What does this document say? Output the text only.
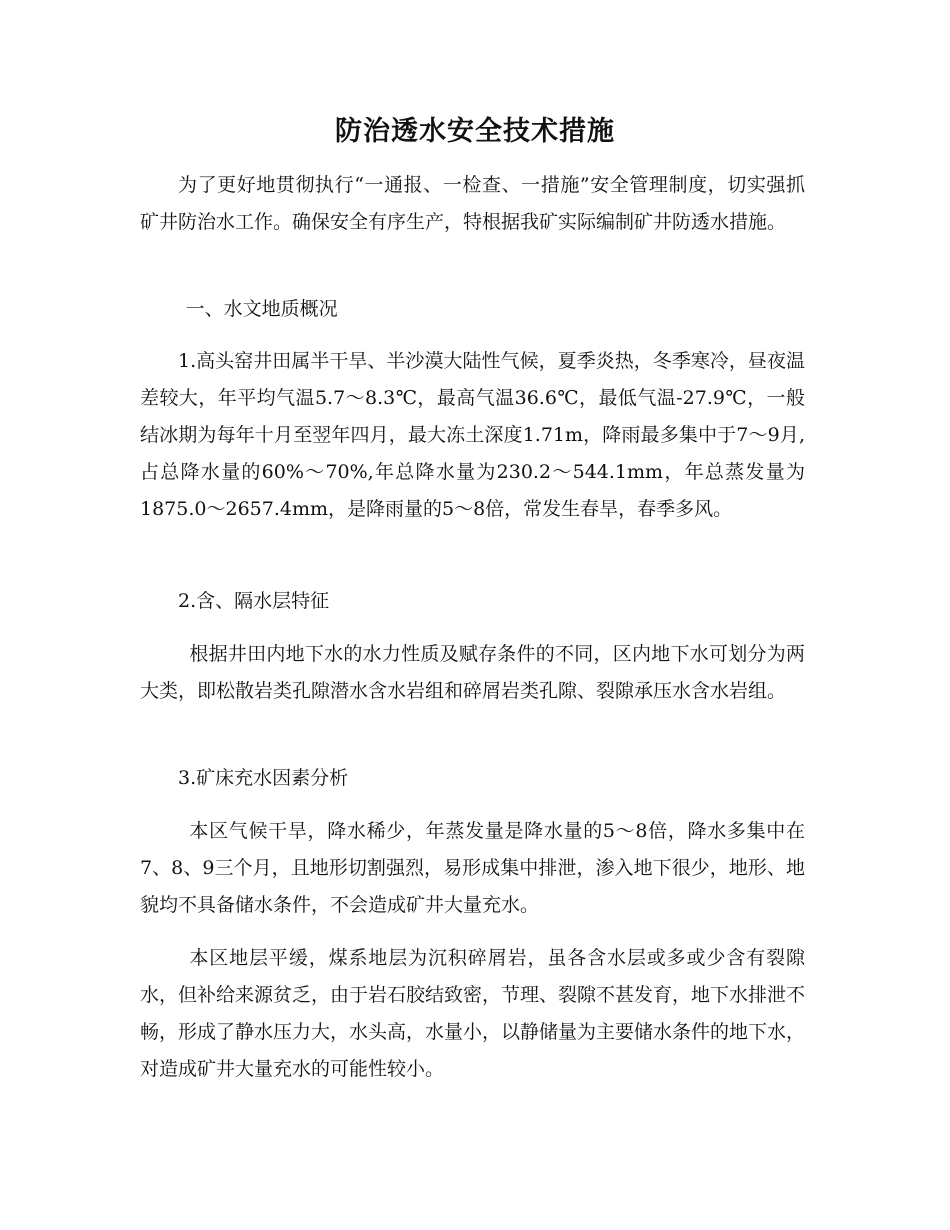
防治透水安全技术措施

为了更好地贯彻执行“一通报、一检查、一措施”安全管理制度，切实强抓矿井防治水工作。确保安全有序生产，特根据我矿实际编制矿井防透水措施。

一、水文地质概况

1.高头窑井田属半干旱、半沙漠大陆性气候，夏季炎热，冬季寒冷，昼夜温差较大，年平均气温5.7～8.3℃，最高气温36.6℃，最低气温-27.9℃，一般结冰期为每年十月至翌年四月，最大冻土深度1.71m，降雨最多集中于7～9月,占总降水量的60%～70%,年总降水量为230.2～544.1mm，年总蒸发量为1875.0～2657.4mm，是降雨量的5～8倍，常发生春旱，春季多风。

2.含、隔水层特征

根据井田内地下水的水力性质及赋存条件的不同，区内地下水可划分为两大类，即松散岩类孔隙潜水含水岩组和碎屑岩类孔隙、裂隙承压水含水岩组。

3.矿床充水因素分析

本区气候干旱，降水稀少，年蒸发量是降水量的5～8倍，降水多集中在7、8、9三个月，且地形切割强烈，易形成集中排泄，渗入地下很少，地形、地貌均不具备储水条件，不会造成矿井大量充水。

本区地层平缓，煤系地层为沉积碎屑岩，虽各含水层或多或少含有裂隙水，但补给来源贫乏，由于岩石胶结致密，节理、裂隙不甚发育，地下水排泄不畅，形成了静水压力大，水头高，水量小，以静储量为主要储水条件的地下水，对造成矿井大量充水的可能性较小。
